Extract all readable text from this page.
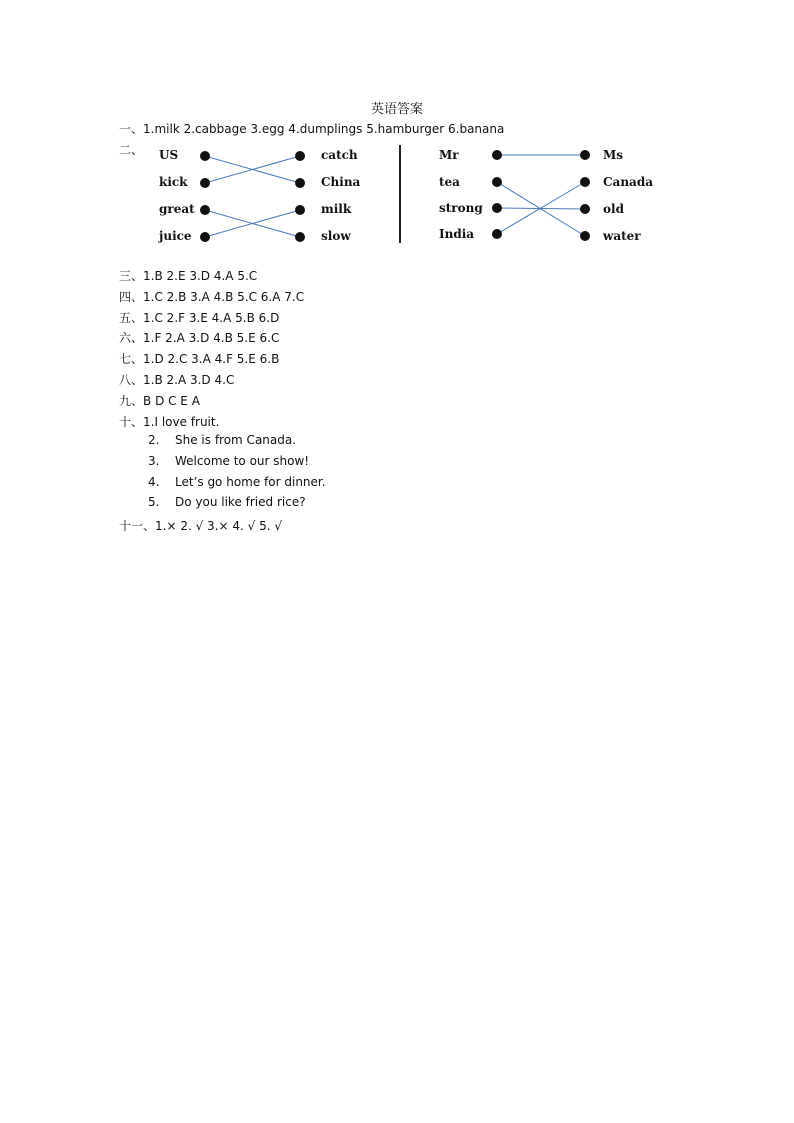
英语答案
一、1.milk 2.cabbage 3.egg 4.dumplings 5.hamburger 6.banana
二、 US
kick
great
juice
catch
China
milk
slow
Mr
tea
strong
India
Ms
Canada
old
water
三、1.B 2.E 3.D 4.A 5.C
四、1.C 2.B 3.A 4.B 5.C 6.A 7.C
五、1.C 2.F 3.E 4.A 5.B 6.D
六、1.F 2.A 3.D 4.B 5.E 6.C
七、1.D 2.C 3.A 4.F 5.E 6.B
八、1.B 2.A 3.D 4.C
九、B D C E A
十、1.I love fruit.
2. She is from Canada.
3. Welcome to our show!
4. Let’s go home for dinner.
5. Do you like fried rice?
十一、1.× 2. √ 3.× 4. √ 5. √
